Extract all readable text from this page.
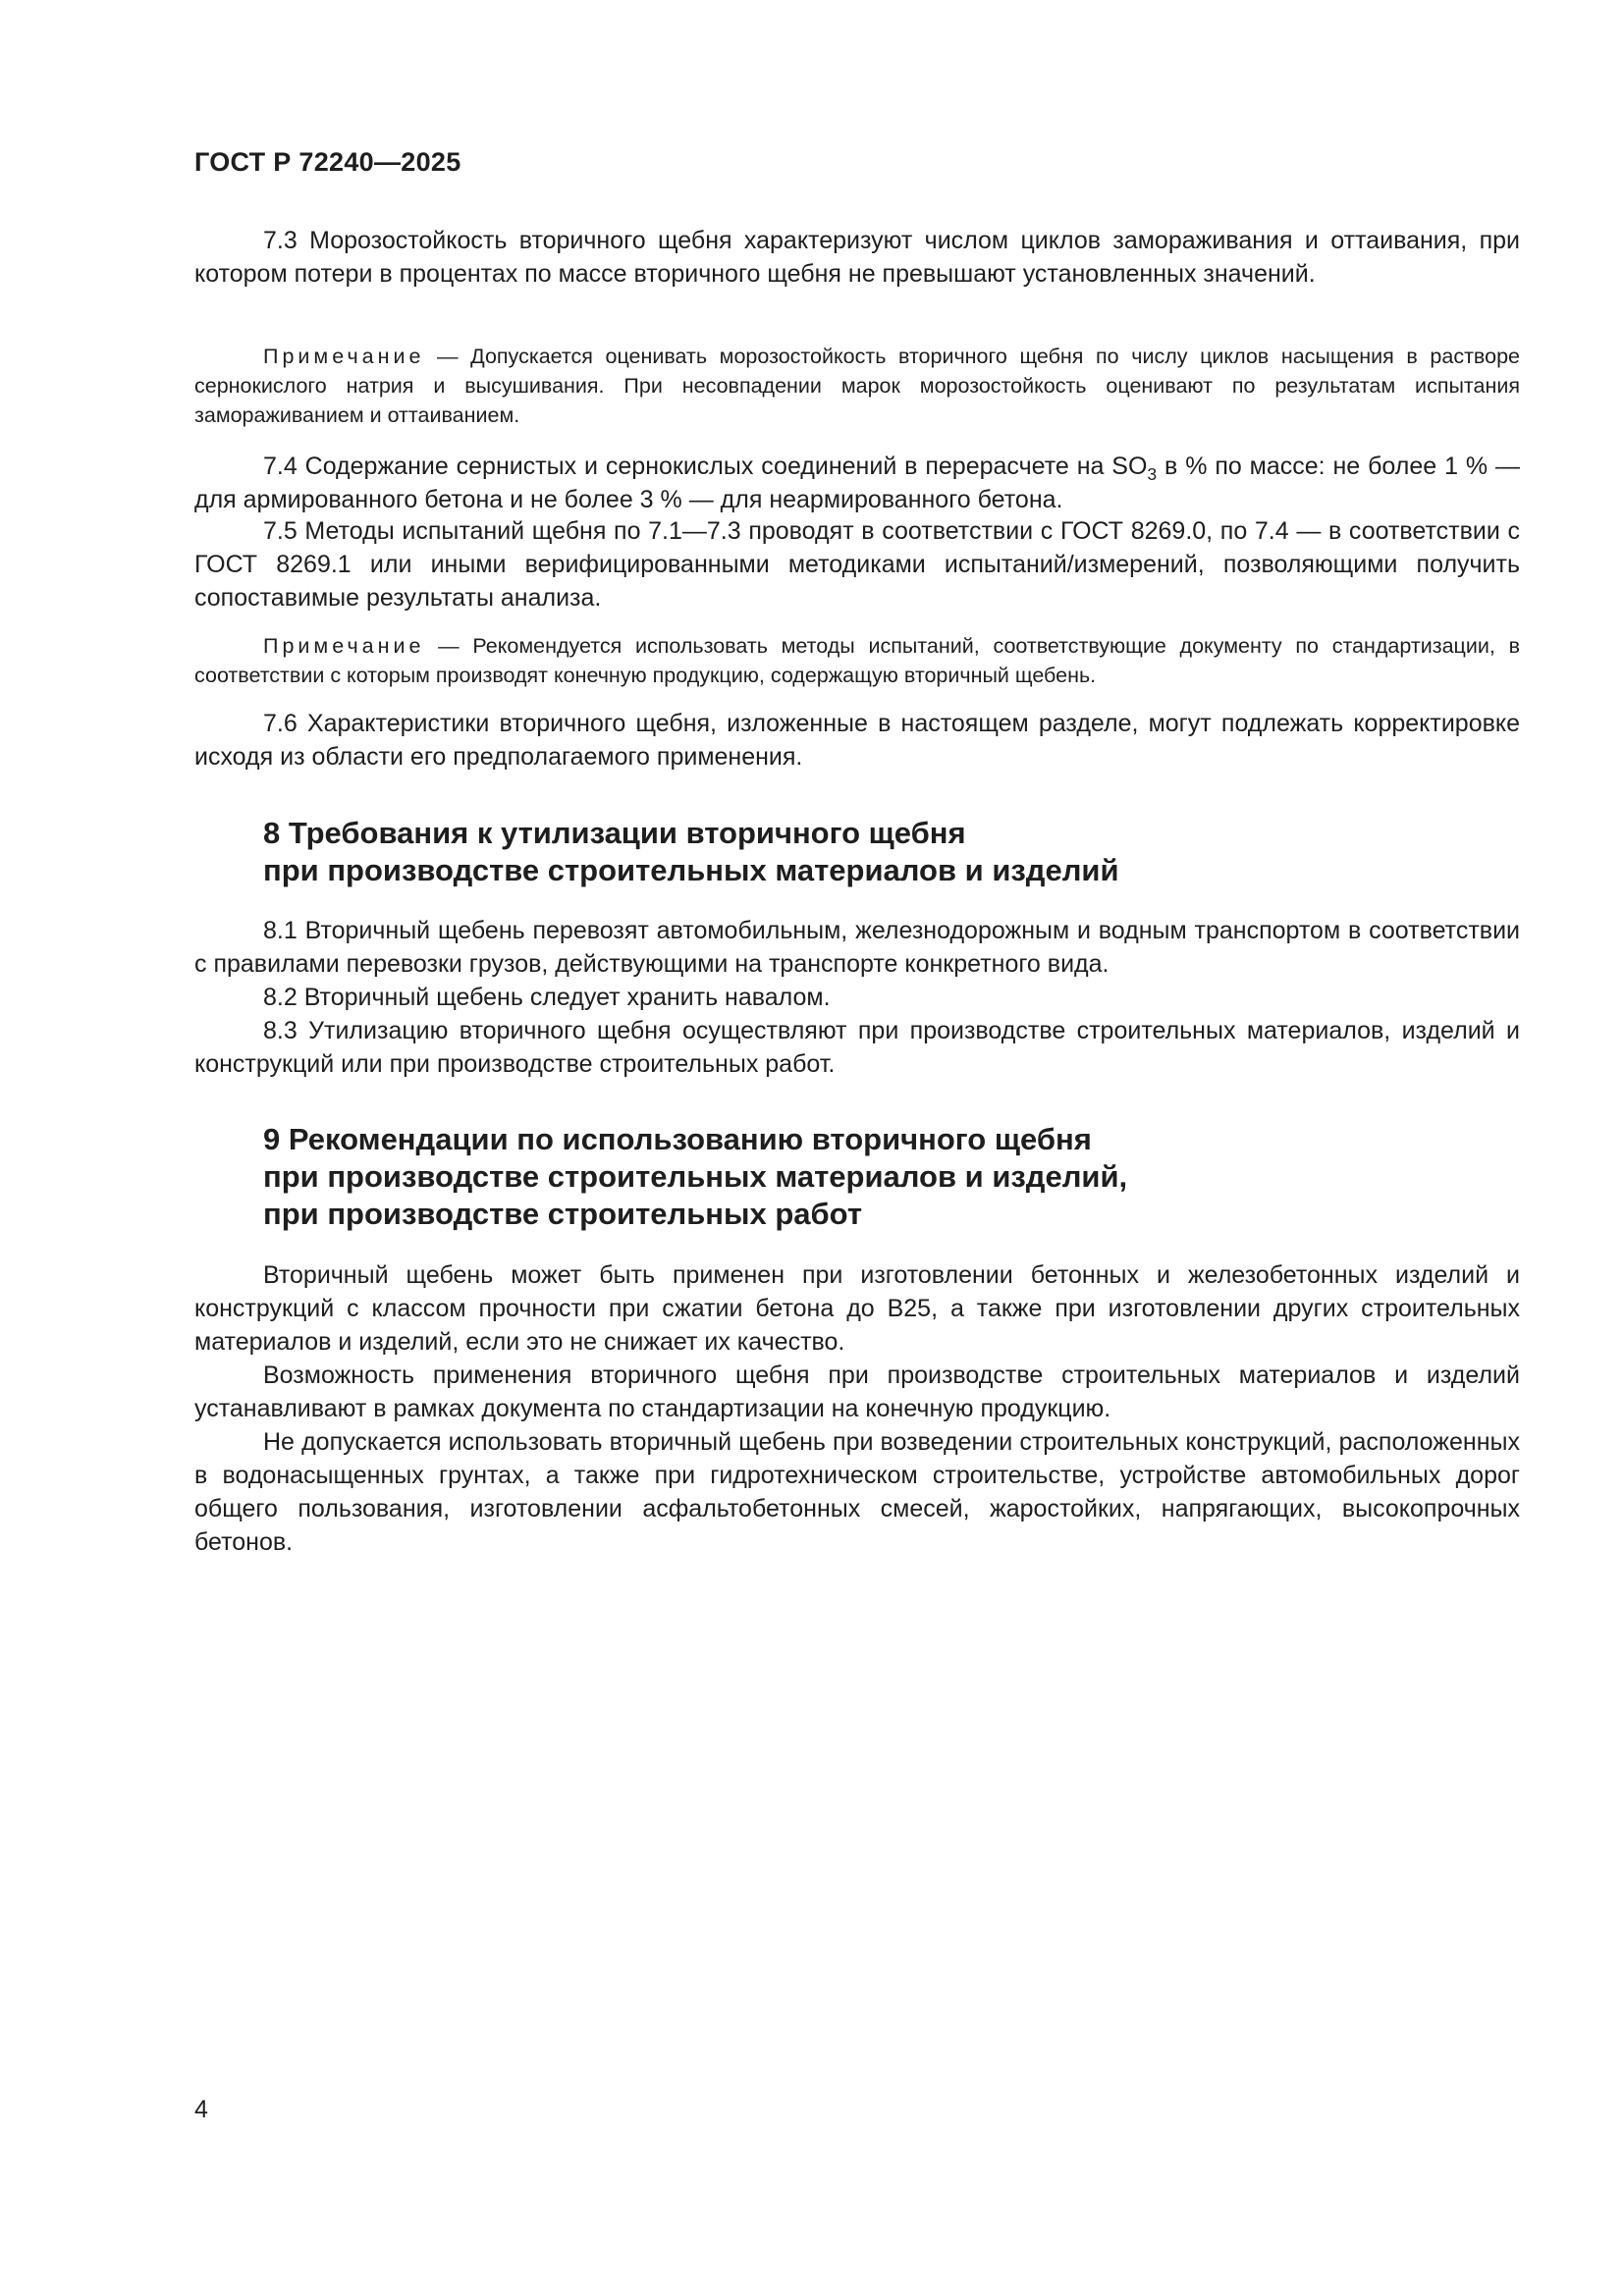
ГОСТ Р 72240—2025

7.3 Морозостойкость вторичного щебня характеризуют числом циклов замораживания и оттаивания, при котором потери в процентах по массе вторичного щебня не превышают установленных значений.

Примечание — Допускается оценивать морозостойкость вторичного щебня по числу циклов насыщения в растворе сернокислого натрия и высушивания. При несовпадении марок морозостойкость оценивают по результатам испытания замораживанием и оттаиванием.

7.4 Содержание сернистых и сернокислых соединений в перерасчете на $SO_3$ в % по массе: не более 1 % — для армированного бетона и не более 3 % — для неармированного бетона.

7.5 Методы испытаний щебня по 7.1—7.3 проводят в соответствии с ГОСТ 8269.0, по 7.4 — в соответствии с ГОСТ 8269.1 или иными верифицированными методиками испытаний/измерений, позволяющими получить сопоставимые результаты анализа.

Примечание — Рекомендуется использовать методы испытаний, соответствующие документу по стандартизации, в соответствии с которым производят конечную продукцию, содержащую вторичный щебень.

7.6 Характеристики вторичного щебня, изложенные в настоящем разделе, могут подлежать корректировке исходя из области его предполагаемого применения.

8 Требования к утилизации вторичного щебня
при производстве строительных материалов и изделий

8.1 Вторичный щебень перевозят автомобильным, железнодорожным и водным транспортом в соответствии с правилами перевозки грузов, действующими на транспорте конкретного вида.

8.2 Вторичный щебень следует хранить навалом.

8.3 Утилизацию вторичного щебня осуществляют при производстве строительных материалов, изделий и конструкций или при производстве строительных работ.

9 Рекомендации по использованию вторичного щебня
при производстве строительных материалов и изделий,
при производстве строительных работ

Вторичный щебень может быть применен при изготовлении бетонных и железобетонных изделий и конструкций с классом прочности при сжатии бетона до В25, а также при изготовлении других строительных материалов и изделий, если это не снижает их качество.

Возможность применения вторичного щебня при производстве строительных материалов и изделий устанавливают в рамках документа по стандартизации на конечную продукцию.

Не допускается использовать вторичный щебень при возведении строительных конструкций, расположенных в водонасыщенных грунтах, а также при гидротехническом строительстве, устройстве автомобильных дорог общего пользования, изготовлении асфальтобетонных смесей, жаростойких, напрягающих, высокопрочных бетонов.

4
